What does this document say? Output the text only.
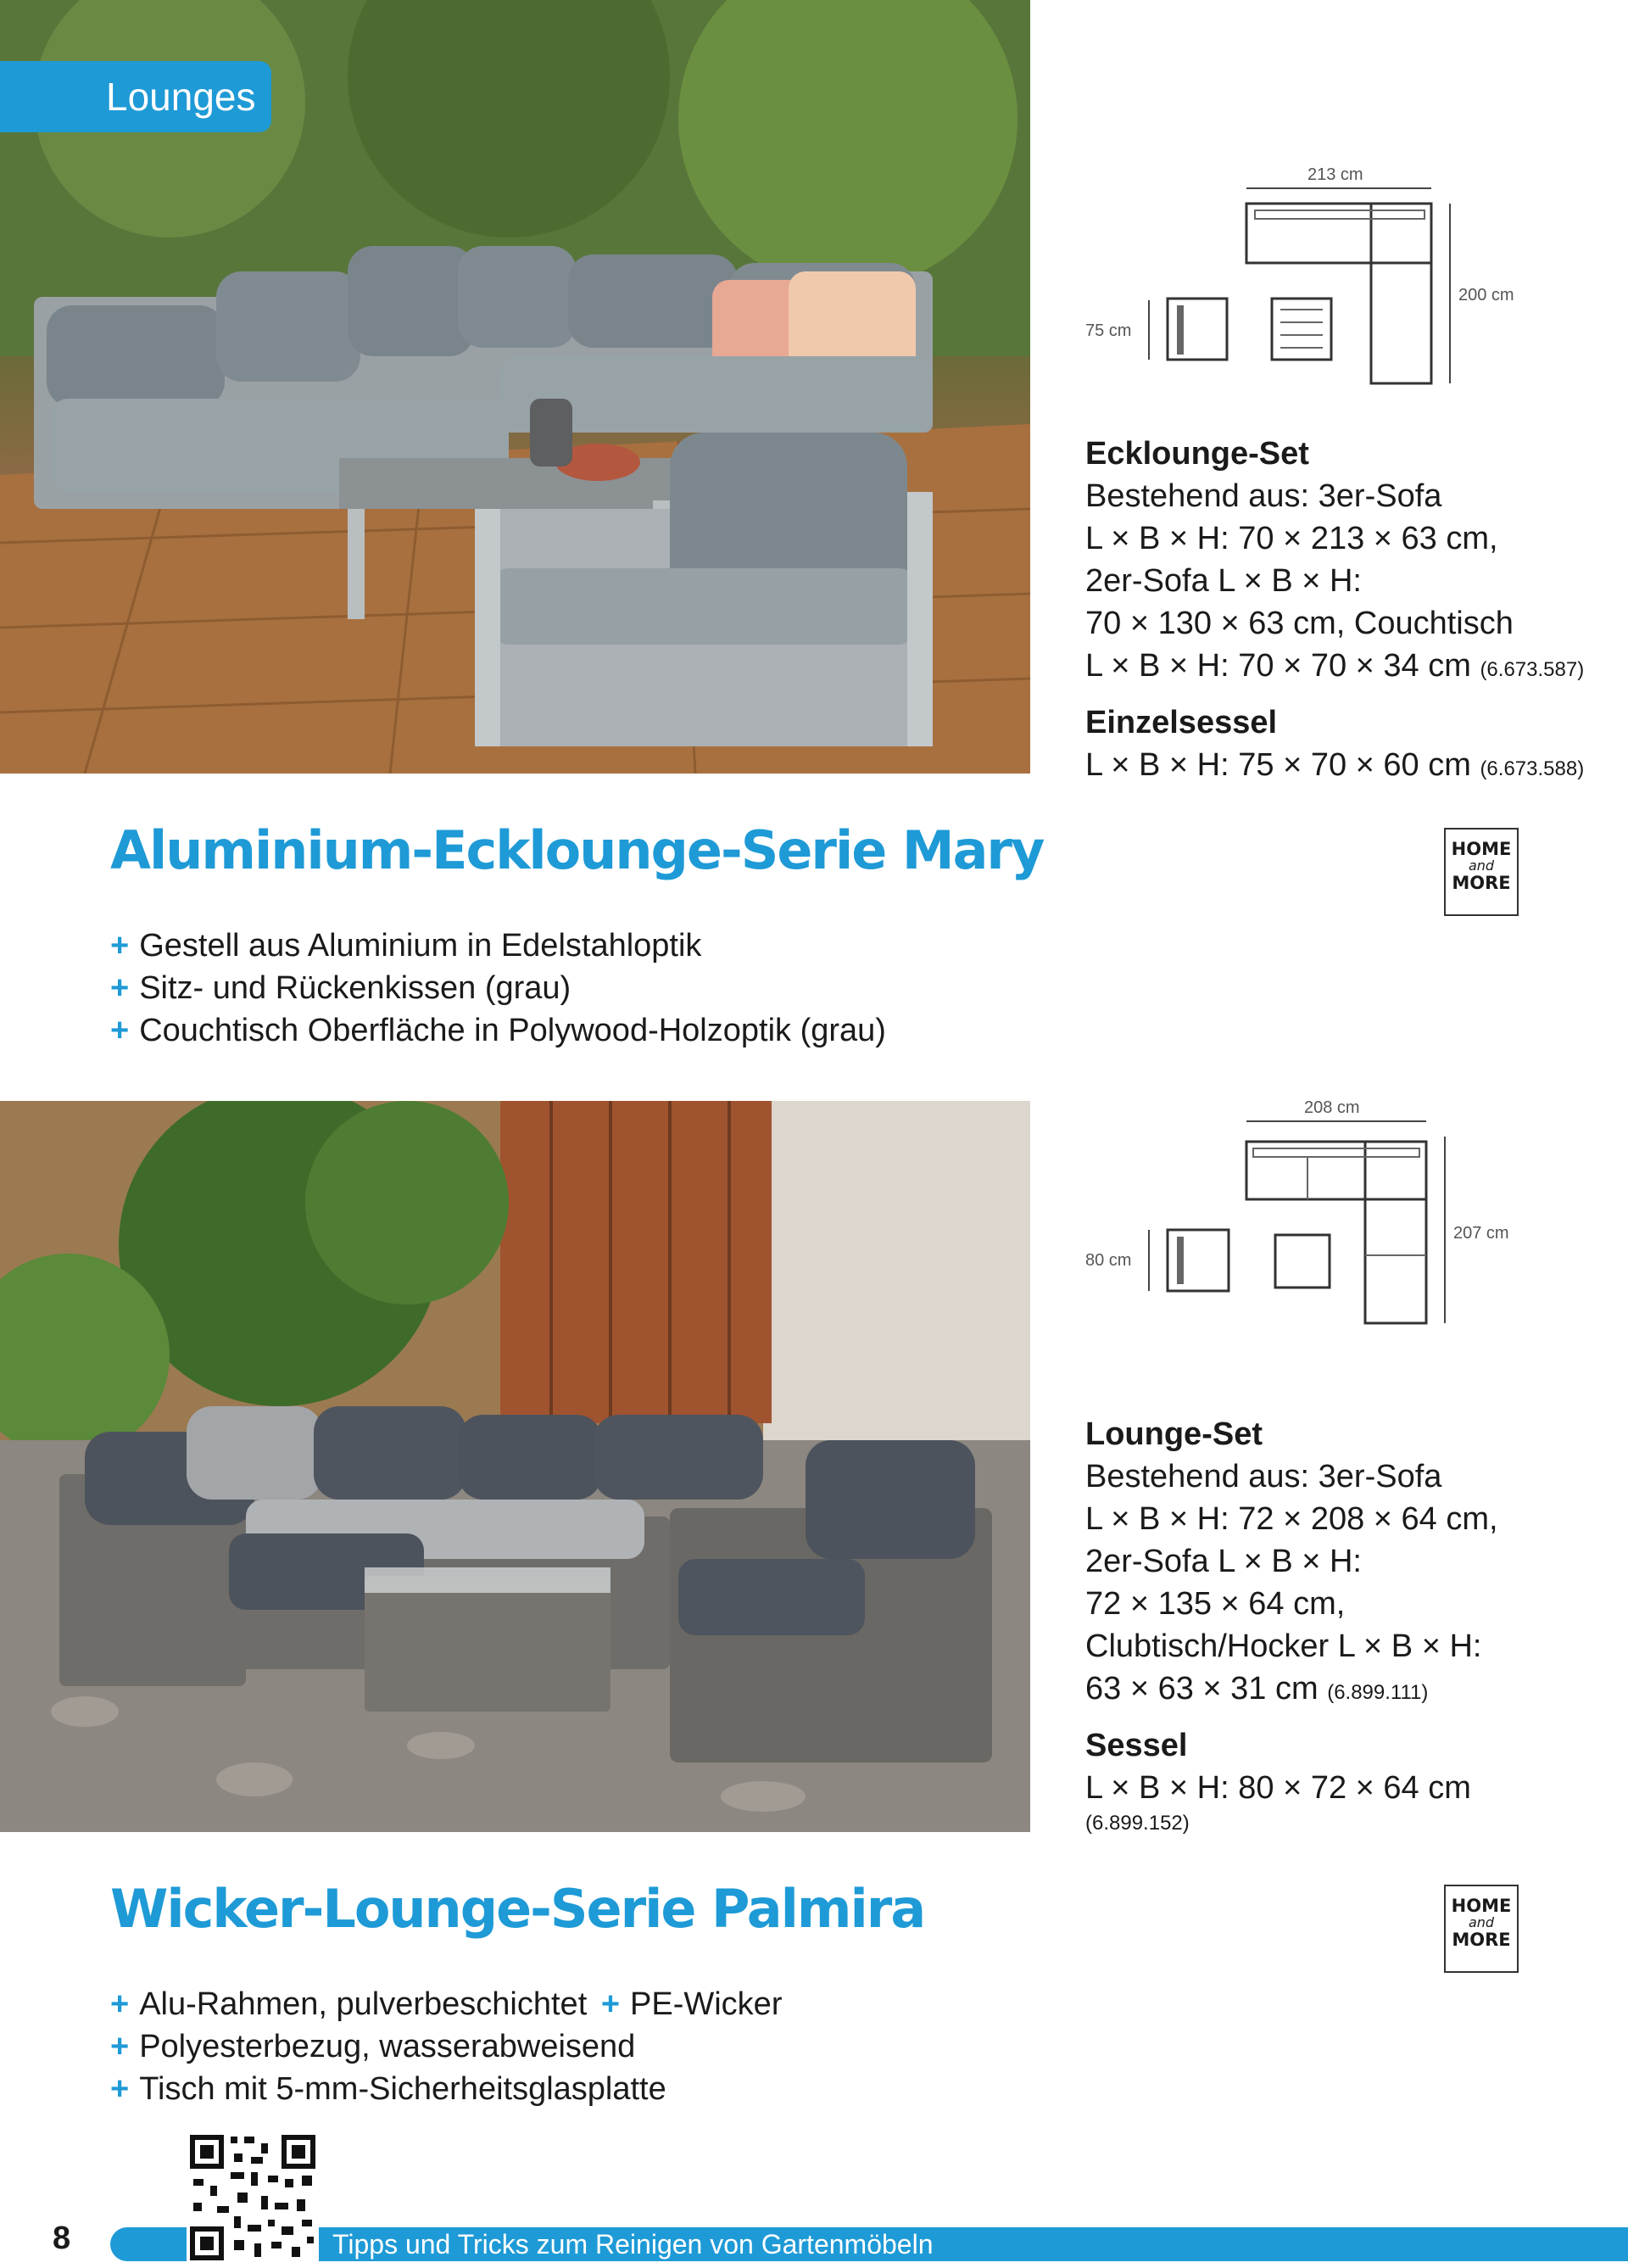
Lounges
213 cm
200 cm
75 cm
Ecklounge-Set
Bestehend aus: 3er-Sofa
L × B × H: 70 × 213 × 63 cm,
2er-Sofa L × B × H:
70 × 130 × 63 cm, Couchtisch
L × B × H: 70 × 70 × 34 cm (6.673.587)
Einzelsessel
L × B × H: 75 × 70 × 60 cm (6.673.588)
HOME
and
MORE
Aluminium-Ecklounge-Serie Mary
+ Gestell aus Aluminium in Edelstahloptik
+ Sitz- und Rückenkissen (grau)
+ Couchtisch Oberfläche in Polywood-Holzoptik (grau)
208 cm
207 cm
80 cm
Lounge-Set
Bestehend aus: 3er-Sofa
L × B × H: 72 × 208 × 64 cm,
2er-Sofa L × B × H:
72 × 135 × 64 cm,
Clubtisch/Hocker L × B × H:
63 × 63 × 31 cm (6.899.111)
Sessel
L × B × H: 80 × 72 × 64 cm
(6.899.152)
HOME
and
MORE
Wicker-Lounge-Serie Palmira
+ Alu-Rahmen, pulverbeschichtet + PE-Wicker
+ Polyesterbezug, wasserabweisend
+ Tisch mit 5-mm-Sicherheitsglasplatte
8	Tipps und Tricks zum Reinigen von Gartenmöbeln
